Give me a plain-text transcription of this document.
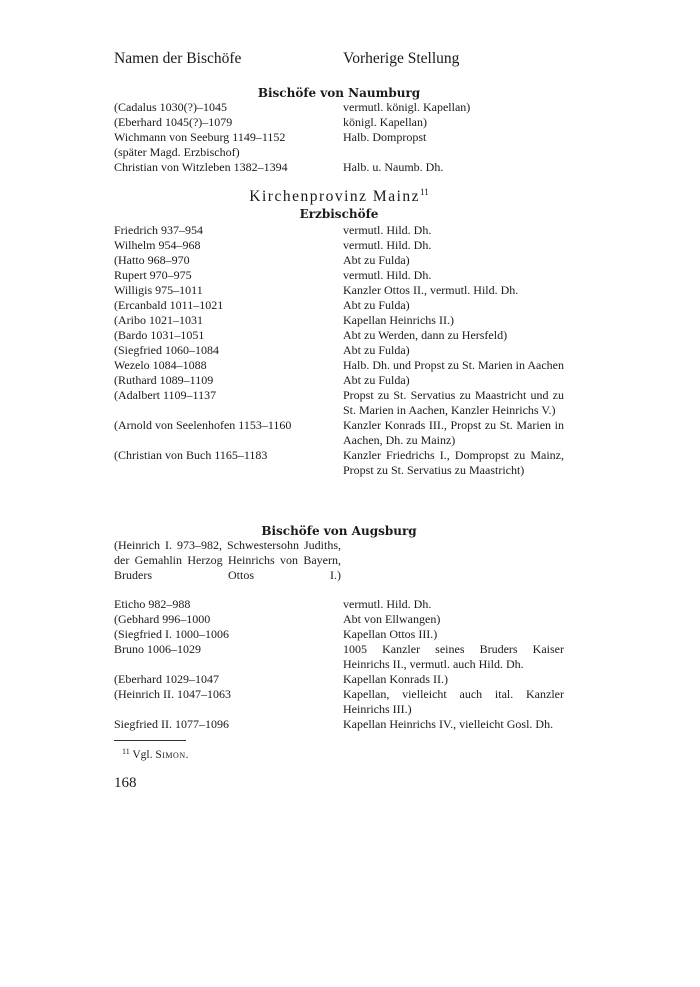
Namen der Bischöfe	Vorherige Stellung
Bischöfe von Naumburg
(Cadalus 1030(?)–1045	vermutl. königl. Kapellan)
(Eberhard 1045(?)–1079	königl. Kapellan)
Wichmann von Seeburg 1149–1152	Halb. Dompropst
(später Magd. Erzbischof)
Christian von Witzleben 1382–1394	Halb. u. Naumb. Dh.
Kirchenprovinz Mainz$^{11}$
Erzbischöfe
Friedrich 937–954	vermutl. Hild. Dh.
Wilhelm 954–968	vermutl. Hild. Dh.
(Hatto 968–970	Abt zu Fulda)
Rupert 970–975	vermutl. Hild. Dh.
Willigis 975–1011	Kanzler Ottos II., vermutl. Hild. Dh.
(Ercanbald 1011–1021	Abt zu Fulda)
(Aribo 1021–1031	Kapellan Heinrichs II.)
(Bardo 1031–1051	Abt zu Werden, dann zu Hersfeld)
(Siegfried 1060–1084	Abt zu Fulda)
Wezelo 1084–1088	Halb. Dh. und Propst zu St. Marien in Aachen
(Ruthard 1089–1109	Abt zu Fulda)
(Adalbert 1109–1137	Propst zu St. Servatius zu Maastricht und zu St. Marien in Aachen, Kanzler Heinrichs V.)
(Arnold von Seelenhofen 1153–1160	Kanzler Konrads III., Propst zu St. Marien in Aachen, Dh. zu Mainz)
(Christian von Buch 1165–1183	Kanzler Friedrichs I., Dompropst zu Mainz, Propst zu St. Servatius zu Maastricht)
Bischöfe von Augsburg
(Heinrich I. 973–982, Schwestersohn Judiths, der Gemahlin Herzog Heinrichs von Bayern, Bruders Ottos I.)
Eticho 982–988	vermutl. Hild. Dh.
(Gebhard 996–1000	Abt von Ellwangen)
(Siegfried I. 1000–1006	Kapellan Ottos III.)
Bruno 1006–1029	1005 Kanzler seines Bruders Kaiser Heinrichs II., vermutl. auch Hild. Dh.
(Eberhard 1029–1047	Kapellan Konrads II.)
(Heinrich II. 1047–1063	Kapellan, vielleicht auch ital. Kanzler Heinrichs III.)
Siegfried II. 1077–1096	Kapellan Heinrichs IV., vielleicht Gosl. Dh.
$^{11}$ Vgl. Simon.
168
